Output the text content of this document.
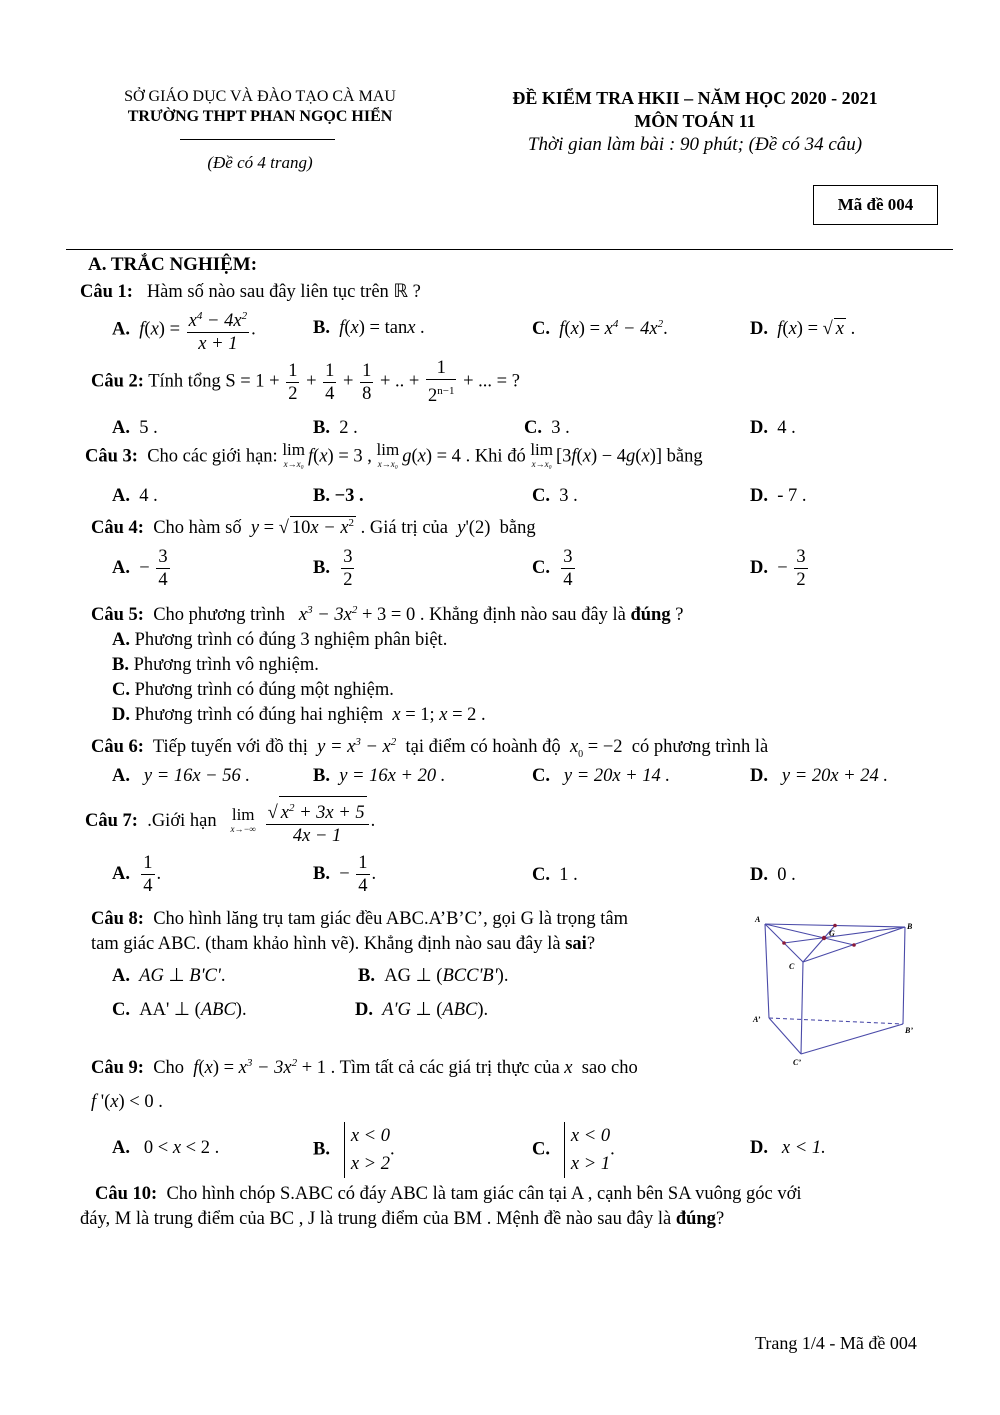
SỞ GIÁO DỤC VÀ ĐÀO TẠO CÀ MAU
TRƯỜNG THPT PHAN NGỌC HIỂN
(Đề có 4 trang)
ĐỀ KIỂM TRA HKII – NĂM HỌC 2020 - 2021
MÔN TOÁN 11
Thời gian làm bài : 90 phút; (Đề có 34 câu)
Mã đề 004
A. TRẮC NGHIỆM:
Câu 1: Hàm số nào sau đây liên tục trên ℝ ?
A. $f(x) = \frac{x^4 - 4x^2}{x + 1}$ .	B. f(x) = tanx .	C. $f(x) = x^4 - 4x^2$.	D. f(x) = √ x .
Câu 2: Tính tổng $S = 1 + \frac{1}{2} + \frac{1}{4} + \frac{1}{8}$ + .. + $\frac{1}{2^{n-1}}$ + ... = ?
A. 5 .	B. 2 .	C. 3 .	D. 4 .
Câu 3: Cho các giới hạn: lim
x→x₀ f(x) = 3 , lim
x→x₀ g(x) = 4 . Khi đó lim
x→x₀ [3f(x) − 4g(x)] bằng
A. 4 .	B. −3 .	C. 3 .	D. - 7 .
Câu 4: Cho hàm số y = √ $10x - x^2$ . Giá trị của y'(2)  bằng
A.  − $\frac{3}{4}$	B. $\frac{3}{2}$	C. $\frac{3}{4}$	D.  − $\frac{3}{2}$
Câu 5: Cho phương trình $x^3 - 3x^2 + 3 = 0$ . Khẳng định nào sau đây là đúng ?
A. Phương trình có đúng 3 nghiệm phân biệt.
B. Phương trình vô nghiệm.
C. Phương trình có đúng một nghiệm.
D. Phương trình có đúng hai nghiệm x = 1; x = 2 .
Câu 6: Tiếp tuyến với đồ thị $y = x^3 - x^2$ tại điểm có hoành độ $x_0 = -2$  có phương trình là
A. y = 16x − 56 .	B. y = 16x + 20 .	C. y = 20x + 14 .	D. y = 20x + 24 .
Câu 7: .Giới hạn lim
x→−∞
$\frac{√ x^2 + 3x + 5}{4x - 1}$ .
A. $\frac{1}{4}$ .	B.  − $\frac{1}{4}$ .	C. 1 .	D. 0 .
Câu 8: Cho hình lăng trụ tam giác đều ABC.A’B’C’, gọi G là trọng tâm
tam giác ABC. (tham khảo hình vẽ). Khẳng định nào sau đây là sai?
A. AG ⊥ B'C'.	B.  AG ⊥ (BCC'B').
C.  AA' ⊥ (ABC).	D. A'G ⊥ (ABC).
A
B
C
G
A’
B’
C’
Câu 9: Cho $f(x) = x^3 - 3x^2 + 1$ . Tìm tất cả các giá trị thực của x sao cho
f '(x) < 0 .
A.   0 < x < 2 .	B.
x < 0
x > 2
.	C.
x < 0
x > 1
.	D. x < 1.
Câu 10: Cho hình chóp S.ABC có đáy ABC là tam giác cân tại A , cạnh bên SA vuông góc với
đáy, M là trung điểm của BC , J là trung điểm của BM . Mệnh đề nào sau đây là đúng?
Trang 1/4 - Mã đề 004
